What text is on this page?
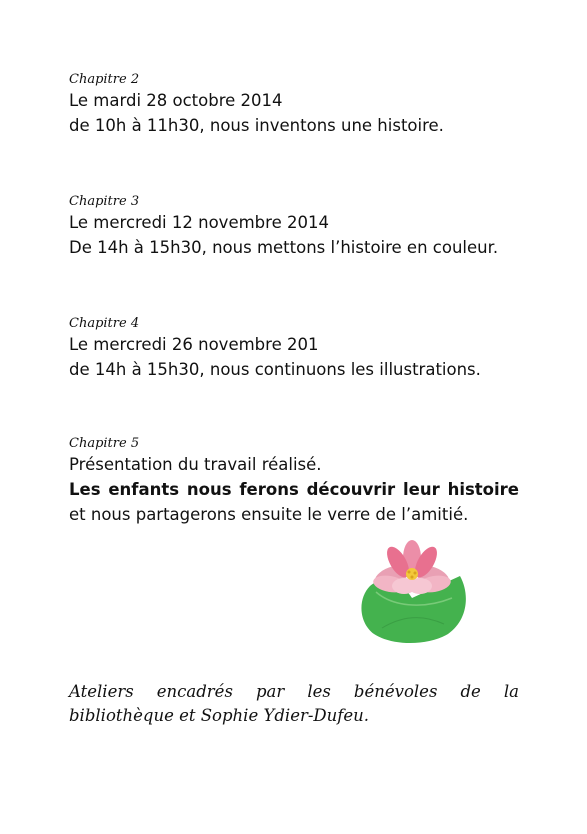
Chapitre 2

Le mardi 28 octobre 2014

de 10h à 11h30, nous inventons une histoire.

Chapitre 3

Le mercredi 12 novembre 2014

De 14h à 15h30, nous mettons l’histoire en couleur.

Chapitre 4

Le mercredi 26 novembre 201

de 14h à 15h30, nous continuons les illustrations.

Chapitre 5

Présentation du travail réalisé.

Les enfants nous ferons découvrir leur histoire et nous partagerons ensuite le verre de l’amitié.

Ateliers encadrés par les bénévoles de la bibliothèque et Sophie Ydier-Dufeu.
